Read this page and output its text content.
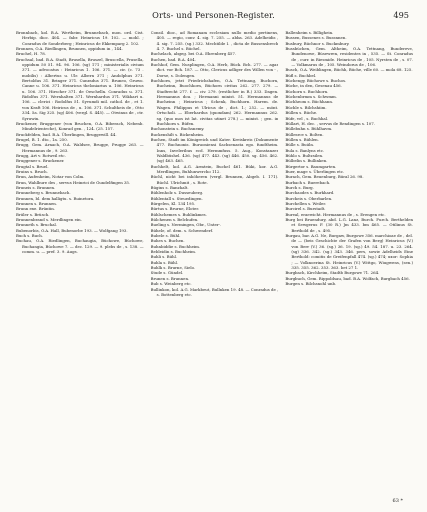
Orts- und Personen-Register.	495

Bronnbach, kol. B.A. Wertheim, Brunnebach, mon. ord. Cist. Herbip. dioc. 404. — fabr. Heinricus 19. 102. — mohl. ; Conradus de Sonderberg ; Heinricus de Ekkemparg 2. 102.

Bronnen, O.A. Riedlingen, Brunnen, oppidum in , 144.

Bruchel, H. 78.

Bruchsal, bad. B.A. Stadt, Brusella, Bruszel, Bruscella, Prusella, oppidum 50 51. 94. 96. 106. (sg) 171 ; ministerialis civium 371. — advocatus : Heinricus 1. 106. 371. — cir. (c. 73 . mobilis) : Albertus u. Ulr. Albern 371 ; Andolphus 371. Bertoldus 31. Bringer 371. Cunradus 371. Bruneo, Gruwo. Canne u. 106. 371. Heinricus theloniarius u. 106. Heinricus u. 106. 371. Hirscher 371. de Oeschelln. Conradus u. 371. Ridolfus 371. Wernhalten 371. Wernhardus 371. Wikhart u. 106. — clerici : Rodolfus 51. Syvumdi mil. cathol. de , et 1. von Kraft 106. Heiricus de , u. 106. 371. Schultheis de , Otto 334. 5a. Sig 325. (sg) 406. (vergl. S. 445). — Otwinus de , ctr. Syruwin.

Bruckener, Bruggener (von Bruchen, O.A. Biberach, Nebenb. Mindelrienteche), Konrad gen. , 124. (25. 157.

Bruckfelden, bad. B.A. Überlingen, Bruggewill. 44.

Brugel, B. 1. dto., 1a. 250.

Brugg, Gem. Arnach, O.A. Waldsee, Brugge, Prugge 263. — Hermannus de , 9. 263.

Brugg, Art v. Rotweil etc.

Bruggener s. Bruckener.

Brugtal s. Bruel.

Bruins s. Bruch.

Brun, Aufenheim, Notar von Colm.

Brun, Wahlbure des , servus Heinrici de Gundelfingen 35.

Bruneis s. Brunnen.

Brunneberg s. Brunnebach.

Brunnen, bl. dem halligtu. s. Ruinetora.

Brunnen s. Brunnen.

Brunn exe. Brüntin.

Brüler s. Brüsch.

Brunnenbrand s. Merdlingen ein.

Brunneth s. Bruchal.

Bubenorbis, O.A. Hall, Bubenorbe 193. — Wolfgang 193.

Buch s. Buch.

Buchau, O.A. Riedlingen, Buchaugia, Büchowe, Büchowe, Buchangia, Büchowe 7. — dec. 129. — 9. plebs de , s. 138. — comm. u. — pref. 3. 9. Augs.

Consil. dioc., ad Romanam ecclesiam nullo medio pertinens, 405. — regio, conv. 4. sig. 7. 255. — abba. 263. Adelheidis , 4. sig. 7. 255. (sg.) 332. Mechtilde I. , dicta de Bussensbrech 4. 7. Buchel s. Büchel.

Buchelach, abgeg. bei O.A. Ehrenberg 457.

Buchen, bad. B.A. 404.

Buchhof, Gem. Nusplingen, O.A. Herb, Bück. Bch. 277. — agar dict. vor Bch. 187. — Otto, Clericus adliger des Willen von - , Dorse, s. Dolengen.

Buchhorn, jetzt Friedrichshafen, O.A. Tettnang, Buchorn, Bucheinn, Buochhorn, Büchorn civitas 262. 277. 279. — Stadtrecht 277. f. — civ. 279. (restlicher in R.) 333. Dagen. Hermannus dou. ; Hermanni minist. 51. Hermannus de Bucheinn ; Heinricus ; Schenk, Buchhorn. Harem. de. Wagen. Philippus et Ulricus de , dict. 1.; 252. — mönt. Ortscholi. — Eberhardus (quondam) 262. Hermannus 262. sg. (quo mos ist lat. civitas utinet 278.) — minist. ; gen. in Buchhorn s. Büfen.

Buchonstein s. Buchsnemy.

Buckenshilt s. Bickenheim.

Buchen, Stadt im Königreich und Kater. Kreiskreis (Dokumente 477. Buchnonis. Buruoniensi Sachsenasta ego. fundtheim. Inns, Inveleribus ecd. Hermmfuss. 5. Aug., Konstanzer Waldbüshel. 436. (sg) 477. 443. (sg) 446. 450. sg. 456. 462. (sg) 463. 465.

Buchhelt, kol. A.G. Armtein, Buchel 461. Büki, kor. A.G. Merdlingen, Buhlunwercho 112.

Büchl, nicht bei inhöheren (vergl. Brunnen, Abgeb. I. 171). Büchl. Ulrichmit , s. Rote.

Bügins s. Banzhalt.

Bühlenholz s. Dusseuberg.

Bühlentall s. Steuedingen.

Bürgelen, Kl. 134 195.

Bürtus s. Brurne, Eloter.

Bühlschemes s. Buhlinkmes.

Bülchenen s. Belchufen.

Bueling s. Nermingen, Obr., Unter-.

Bühele, of. dem. s. Schwenderf.

Bubele s. Bühl.

Buhes s. Buchen.

Buhnbiddie s. Buchheim.

Bebleidin s. Buchheim.

Buhli s. Bühl.

Buhla s. Bühl.

Buhlk s. Brurne, Sielo.

Stude s. Gündel.

Brunen s. Brunnen.

Bub s. Weinberg etc.

Bullinkon, kol. A.G. Markbeut, Bullnken 19. 48. — Conradus de , s. Bottenberg etc.

Ballenheim s. Billighein.

Bussen, Bussenes s. Bussnnen.

Busbury, Büchnor s. Buckmbury.

Bussbüchen, Gem. Altheim, O.A. Tettnang, Bundereve, Bundenowe, Büsewren, residentes in , 535. — St. Conradus de , curr. in Riesmide. Heinricus de , 105. Nyrsten de , s. 07. — Volkmarus de , 105. Weindorus de , 106.

Busch, O.A. Weiblingen, Büchh, Büche, ville 60. — mola 68. 125.

Büfl s. Buchbel.

Büchengy, Büchowe s. Buchos.

Büche, in den, Gesenau 456.

Büchorn s. Buchhorn.

Büchenbrmm s. Schwmm.

Büchheom s. Büchhann.

Büchle s. Bilchshiim.

Büllen s. Büche.

Büfe, vel , s. Buchhal.

Büllart, H. dec. , servus de Rendingen s. 107.

Büllebuhn s. Bühlhavm.

Büllesrce s. Bolten.

Büllen s. Bühlen.

Bülle s. Buüln.

Bula s. Banlyns etc.

Bühlo s. Bultzsilen.

Bülbelin s. Bullinken.

Bürgertor s. Baumgarten.

Buer, mage s. Überlingen etc.

Burach, Gem. Beuenburg, Büral 26. 98.

Burbach s. Buerebach.

Burch s. Burg.

Burchaodes s. Burkhard.

Burcheis s. Oberbarlen.

Burchellen s. Weiler.

Burcirel s. Burstadt.

Bureal, eraewicht. Hermannus de , s. Erengen etc.

Burg bei Bruendury, abd. L.G. Lanz, Burch. Furch. Berthelden et Sewgerus F. (30 R.) Jm 433. bm 465. — Otilinus St. Berthold de , s. 495.

Burgau, bar. A.G. Ne, Burgaw, Burgowe 356. marchioae de , del. de — (beis Geschichte der Grafen von Berg) Heinricus (V.) von Berr (V.) 36. (sg.) 36. 19. (sg.) 49. 54. 187. u. 23. 264. (sg) 336. 342. (sg.) 343. 346. pers, sowie Adelheids Eine Berthold: comitis de Greifenpfall 474. (sg.) 474; uxor: Sophia ; — Volknoerina St. Heinricus (V.) Wittgo, Wiugwens, (sen.) 335. 355. 362. 353. 363. bet 27 1.

Burgbach, Kirchheim, Stadtb Burgowe 71. 264.

Burgbuch, Gem. Rippoldsau, bad. B.A. Wolfach, Burgbach 456.

Burgen s. Bilchsnohl unb.

63 *
